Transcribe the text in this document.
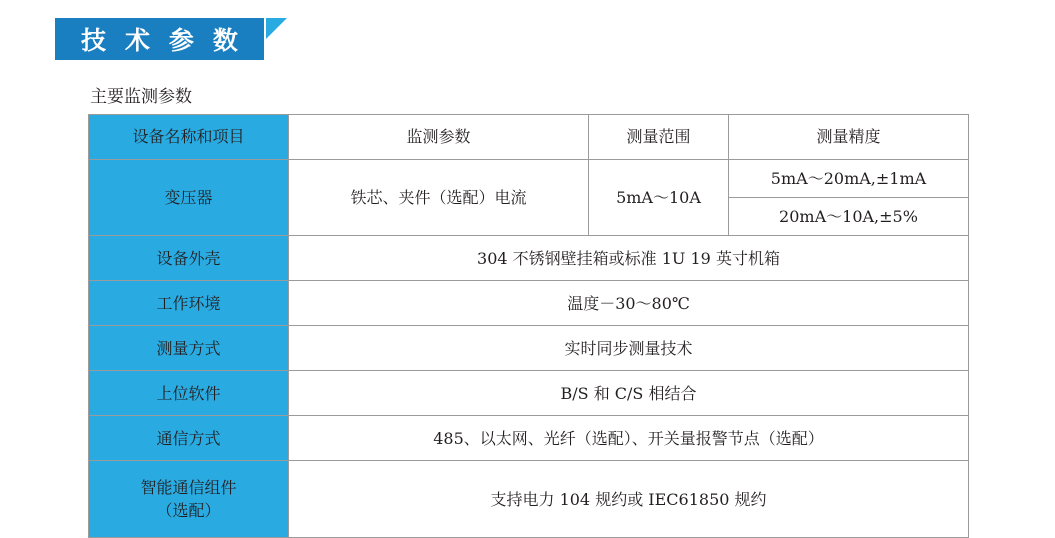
技 术 参 数
主要监测参数
设备名称和项目	监测参数	测量范围	测量精度
变压器	铁芯、夹件（选配）电流	5mA～10A	5mA～20mA,±1mA
			20mA～10A,±5%
设备外壳	304 不锈钢壁挂箱或标准 1U 19 英寸机箱		
工作环境	温度－30～80℃		
测量方式	实时同步测量技术		
上位软件	B/S 和 C/S 相结合		
通信方式	485、以太网、光纤（选配）、开关量报警节点（选配）		

智能通信组件
（选配）	支持电力 104 规约或 IEC61850 规约		
